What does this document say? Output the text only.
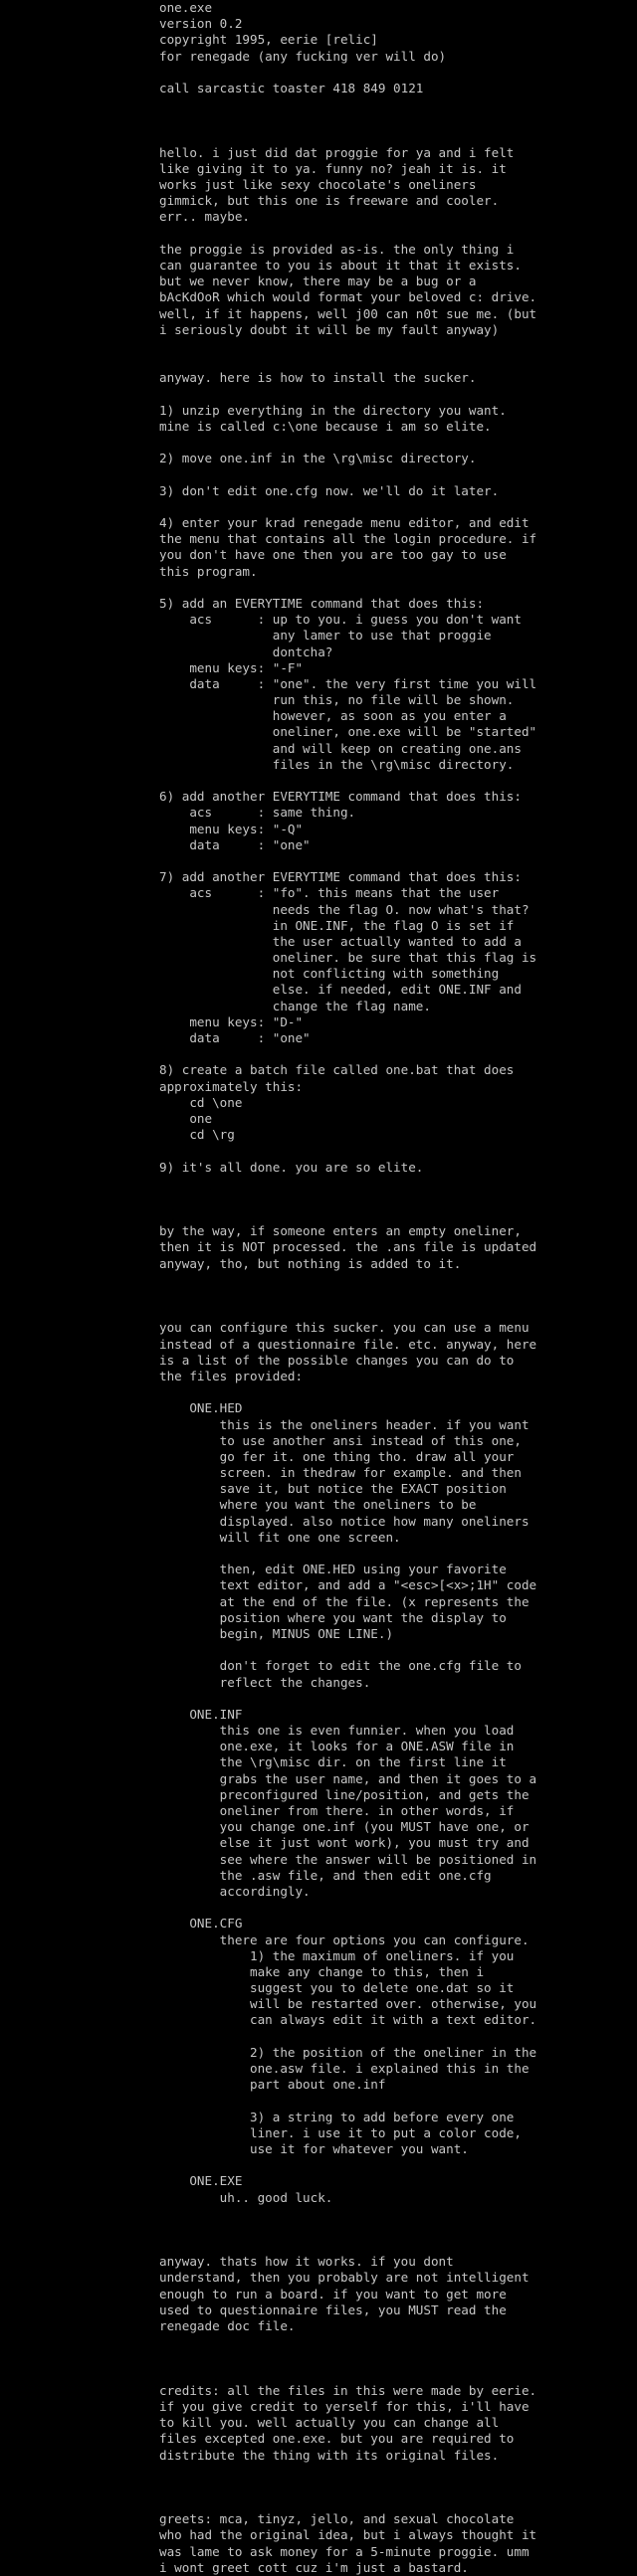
one.exe
version 0.2
copyright 1995, eerie [relic]
for renegade (any fucking ver will do)
call sarcastic toaster 418 849 0121
hello. i just did dat proggie for ya and i felt
like giving it to ya. funny no? jeah it is. it
works just like sexy chocolate's oneliners
gimmick, but this one is freeware and cooler.
err.. maybe.
the proggie is provided as-is. the only thing i
can guarantee to you is about it that it exists.
but we never know, there may be a bug or a
bAcKdOoR which would format your beloved c: drive.
well, if it happens, well j00 can n0t sue me. (but
i seriously doubt it will be my fault anyway)
anyway. here is how to install the sucker.
1) unzip everything in the directory you want.
mine is called c:\one because i am so elite.
2) move one.inf in the \rg\misc directory.
3) don't edit one.cfg now. we'll do it later.
4) enter your krad renegade menu editor, and edit
the menu that contains all the login procedure. if
you don't have one then you are too gay to use
this program.
5) add an EVERYTIME command that does this:
acs      : up to you. i guess you don't want
any lamer to use that proggie
dontcha?
menu keys: "-F"
data     : "one". the very first time you will
run this, no file will be shown.
however, as soon as you enter a
oneliner, one.exe will be "started"
and will keep on creating one.ans
files in the \rg\misc directory.
6) add another EVERYTIME command that does this:
acs      : same thing.
menu keys: "-Q"
data     : "one"
7) add another EVERYTIME command that does this:
acs      : "fo". this means that the user
needs the flag O. now what's that?
in ONE.INF, the flag O is set if
the user actually wanted to add a
oneliner. be sure that this flag is
not conflicting with something
else. if needed, edit ONE.INF and
change the flag name.
menu keys: "D-"
data     : "one"
8) create a batch file called one.bat that does
approximately this:
cd \one
one
cd \rg
9) it's all done. you are so elite.
by the way, if someone enters an empty oneliner,
then it is NOT processed. the .ans file is updated
anyway, tho, but nothing is added to it.
you can configure this sucker. you can use a menu
instead of a questionnaire file. etc. anyway, here
is a list of the possible changes you can do to
the files provided:
ONE.HED
this is the oneliners header. if you want
to use another ansi instead of this one,
go fer it. one thing tho. draw all your
screen. in thedraw for example. and then
save it, but notice the EXACT position
where you want the oneliners to be
displayed. also notice how many oneliners
will fit one one screen.
then, edit ONE.HED using your favorite
text editor, and add a "<esc>[<x>;1H" code
at the end of the file. (x represents the
position where you want the display to
begin, MINUS ONE LINE.)
don't forget to edit the one.cfg file to
reflect the changes.
ONE.INF
this one is even funnier. when you load
one.exe, it looks for a ONE.ASW file in
the \rg\misc dir. on the first line it
grabs the user name, and then it goes to a
preconfigured line/position, and gets the
oneliner from there. in other words, if
you change one.inf (you MUST have one, or
else it just wont work), you must try and
see where the answer will be positioned in
the .asw file, and then edit one.cfg
accordingly.
ONE.CFG
there are four options you can configure.
1) the maximum of oneliners. if you
make any change to this, then i
suggest you to delete one.dat so it
will be restarted over. otherwise, you
can always edit it with a text editor.
2) the position of the oneliner in the
one.asw file. i explained this in the
part about one.inf
3) a string to add before every one
liner. i use it to put a color code,
use it for whatever you want.
ONE.EXE
uh.. good luck.
anyway. thats how it works. if you dont
understand, then you probably are not intelligent
enough to run a board. if you want to get more
used to questionnaire files, you MUST read the
renegade doc file.
credits: all the files in this were made by eerie.
if you give credit to yerself for this, i'll have
to kill you. well actually you can change all
files excepted one.exe. but you are required to
distribute the thing with its original files.
greets: mca, tinyz, jello, and sexual chocolate
who had the original idea, but i always thought it
was lame to ask money for a 5-minute proggie. umm
i wont greet cott cuz i'm just a bastard.
